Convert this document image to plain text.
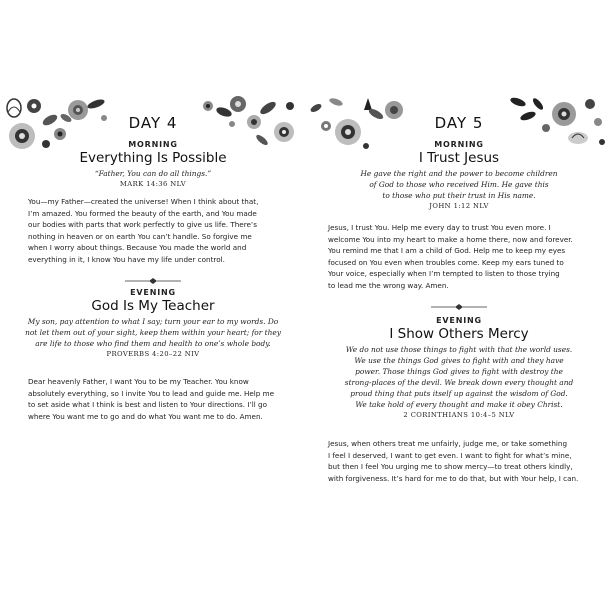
DAY 4
MORNING
Everything Is Possible
“Father, You can do all things.”
MARK 14:36 NLV
You—my Father—created the universe! When I think about that,
I’m amazed. You formed the beauty of the earth, and You made
our bodies with parts that work perfectly to give us life. There’s
nothing in heaven or on earth You can’t handle. So forgive me
when I worry about things. Because You made the world and
everything in it, I know You have my life under control.
EVENING
God Is My Teacher
My son, pay attention to what I say; turn your ear to my words. Do
not let them out of your sight, keep them within your heart; for they
are life to those who find them and health to one’s whole body.
PROVERBS 4:20–22 NIV
Dear heavenly Father, I want You to be my Teacher. You know
absolutely everything, so I invite You to lead and guide me. Help me
to set aside what I think is best and listen to Your directions. I’ll go
where You want me to go and do what You want me to do. Amen.
DAY 5
MORNING
I Trust Jesus
He gave the right and the power to become children
of God to those who received Him. He gave this
to those who put their trust in His name.
JOHN 1:12 NLV
Jesus, I trust You. Help me every day to trust You even more. I
welcome You into my heart to make a home there, now and forever.
You remind me that I am a child of God. Help me to keep my eyes
focused on You even when troubles come. Keep my ears tuned to
Your voice, especially when I’m tempted to listen to those trying
to lead me the wrong way. Amen.
EVENING
I Show Others Mercy
We do not use those things to fight with that the world uses.
We use the things God gives to fight with and they have
power. Those things God gives to fight with destroy the
strong-places of the devil. We break down every thought and
proud thing that puts itself up against the wisdom of God.
We take hold of every thought and make it obey Christ.
2 CORINTHIANS 10:4–5 NLV
Jesus, when others treat me unfairly, judge me, or take something
I feel I deserved, I want to get even. I want to fight for what’s mine,
but then I feel You urging me to show mercy—to treat others kindly,
with forgiveness. It’s hard for me to do that, but with Your help, I can.
